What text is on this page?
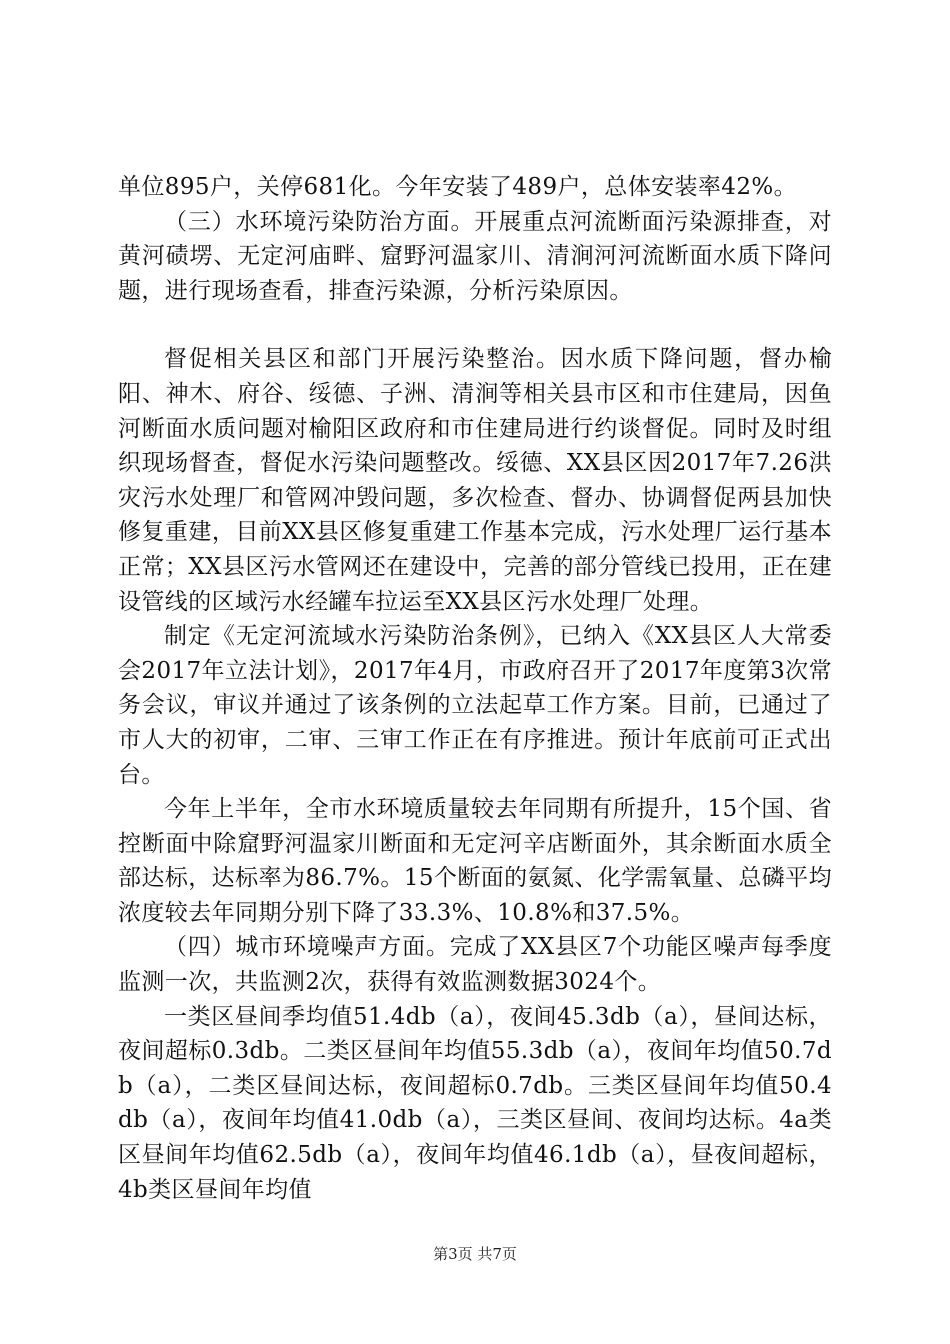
单位895户，关停681化。今年安装了489户，总体安装率42%。

（三）水环境污染防治方面。开展重点河流断面污染源排查，对黄河碛塄、无定河庙畔、窟野河温家川、清涧河河流断面水质下降问题，进行现场查看，排查污染源，分析污染原因。

督促相关县区和部门开展污染整治。因水质下降问题，督办榆阳、神木、府谷、绥德、子洲、清涧等相关县市区和市住建局，因鱼河断面水质问题对榆阳区政府和市住建局进行约谈督促。同时及时组织现场督查，督促水污染问题整改。绥德、XX县区因2017年7.26洪灾污水处理厂和管网冲毁问题，多次检查、督办、协调督促两县加快修复重建，目前XX县区修复重建工作基本完成，污水处理厂运行基本正常；XX县区污水管网还在建设中，完善的部分管线已投用，正在建设管线的区域污水经罐车拉运至XX县区污水处理厂处理。

制定《无定河流域水污染防治条例》，已纳入《XX县区人大常委会2017年立法计划》，2017年4月，市政府召开了2017年度第3次常务会议，审议并通过了该条例的立法起草工作方案。目前，已通过了市人大的初审，二审、三审工作正在有序推进。预计年底前可正式出台。

今年上半年，全市水环境质量较去年同期有所提升，15个国、省控断面中除窟野河温家川断面和无定河辛店断面外，其余断面水质全部达标，达标率为86.7%。15个断面的氨氮、化学需氧量、总磷平均浓度较去年同期分别下降了33.3%、10.8%和37.5%。

（四）城市环境噪声方面。完成了XX县区7个功能区噪声每季度监测一次，共监测2次，获得有效监测数据3024个。

一类区昼间季均值51.4db（a），夜间45.3db（a），昼间达标，夜间超标0.3db。二类区昼间年均值55.3db（a），夜间年均值50.7db（a），二类区昼间达标，夜间超标0.7db。三类区昼间年均值50.4db（a），夜间年均值41.0db（a），三类区昼间、夜间均达标。4a类区昼间年均值62.5db（a），夜间年均值46.1db（a），昼夜间超标，4b类区昼间年均值

第3页 共7页
